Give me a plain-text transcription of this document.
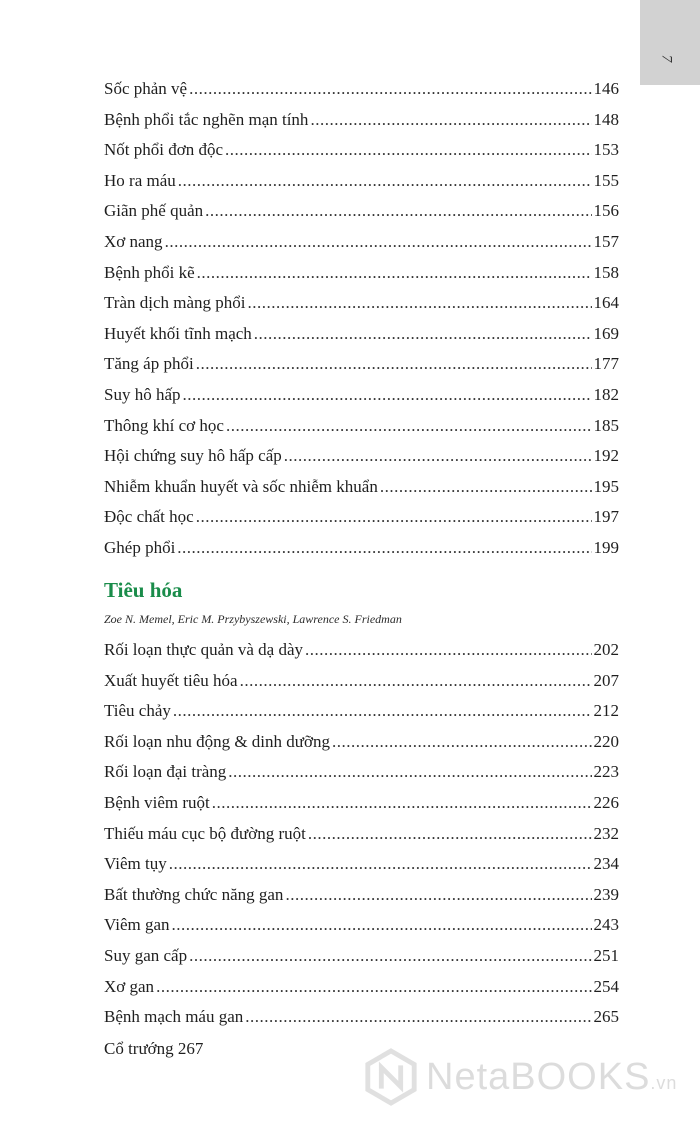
7
Sốc phản vệ .....	146
Bệnh phổi tắc nghẽn mạn tính .....	148
Nốt phổi đơn độc .....	153
Ho ra máu .....	155
Giãn phế quản .....	156
Xơ nang .....	157
Bệnh phổi kẽ .....	158
Tràn dịch màng phổi .....	164
Huyết khối tĩnh mạch .....	169
Tăng áp phổi .....	177
Suy hô hấp .....	182
Thông khí cơ học .....	185
Hội chứng suy hô hấp cấp .....	192
Nhiễm khuẩn huyết và sốc nhiễm khuẩn .....	195
Độc chất học .....	197
Ghép phổi .....	199
Tiêu hóa
Zoe N. Memel, Eric M. Przybyszewski, Lawrence S. Friedman
Rối loạn thực quản và dạ dày .....	202
Xuất huyết tiêu hóa .....	207
Tiêu chảy .....	212
Rối loạn nhu động & dinh dưỡng .....	220
Rối loạn đại tràng .....	223
Bệnh viêm ruột .....	226
Thiếu máu cục bộ đường ruột .....	232
Viêm tụy .....	234
Bất thường chức năng gan .....	239
Viêm gan .....	243
Suy gan cấp .....	251
Xơ gan .....	254
Bệnh mạch máu gan .....	265
Cổ trướng 267
NetaBOOKS.vn
